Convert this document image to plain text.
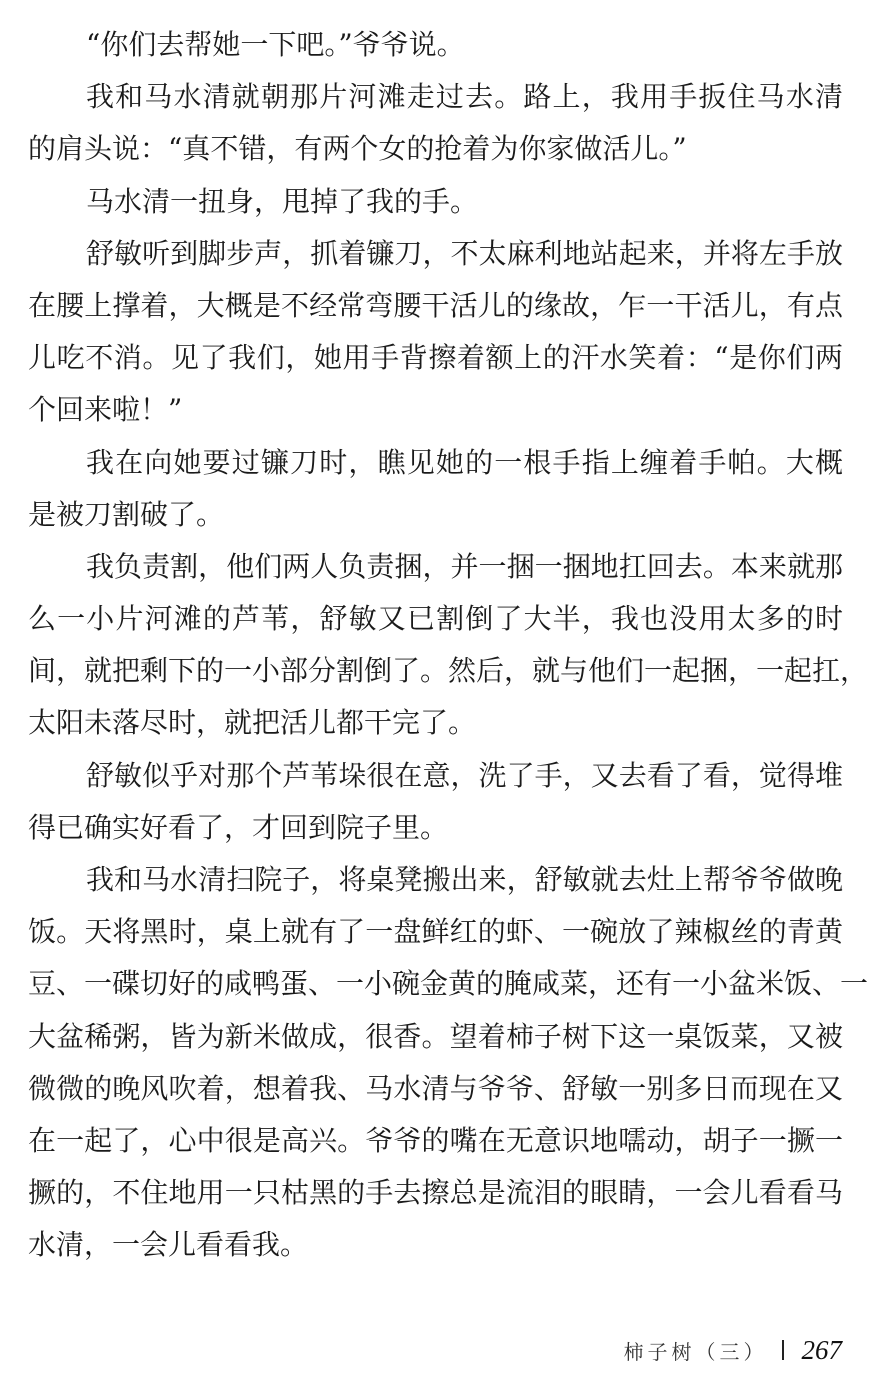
“你们去帮她一下吧。”爷爷说。
我和马水清就朝那片河滩走过去。路上，我用手扳住马水清
的肩头说：“真不错，有两个女的抢着为你家做活儿。”
马水清一扭身，甩掉了我的手。
舒敏听到脚步声，抓着镰刀，不太麻利地站起来，并将左手放
在腰上撑着，大概是不经常弯腰干活儿的缘故，乍一干活儿，有点
儿吃不消。见了我们，她用手背擦着额上的汗水笑着：“是你们两
个回来啦！”
我在向她要过镰刀时，瞧见她的一根手指上缠着手帕。大概
是被刀割破了。
我负责割，他们两人负责捆，并一捆一捆地扛回去。本来就那
么一小片河滩的芦苇，舒敏又已割倒了大半，我也没用太多的时
间，就把剩下的一小部分割倒了。然后，就与他们一起捆，一起扛，
太阳未落尽时，就把活儿都干完了。
舒敏似乎对那个芦苇垛很在意，洗了手，又去看了看，觉得堆
得已确实好看了，才回到院子里。
我和马水清扫院子，将桌凳搬出来，舒敏就去灶上帮爷爷做晚
饭。天将黑时，桌上就有了一盘鲜红的虾、一碗放了辣椒丝的青黄
豆、一碟切好的咸鸭蛋、一小碗金黄的腌咸菜，还有一小盆米饭、一
大盆稀粥，皆为新米做成，很香。望着柿子树下这一桌饭菜，又被
微微的晚风吹着，想着我、马水清与爷爷、舒敏一别多日而现在又
在一起了，心中很是高兴。爷爷的嘴在无意识地嚅动，胡子一撅一
撅的，不住地用一只枯黑的手去擦总是流泪的眼睛，一会儿看看马
水清，一会儿看看我。
柿子树（三） 267
